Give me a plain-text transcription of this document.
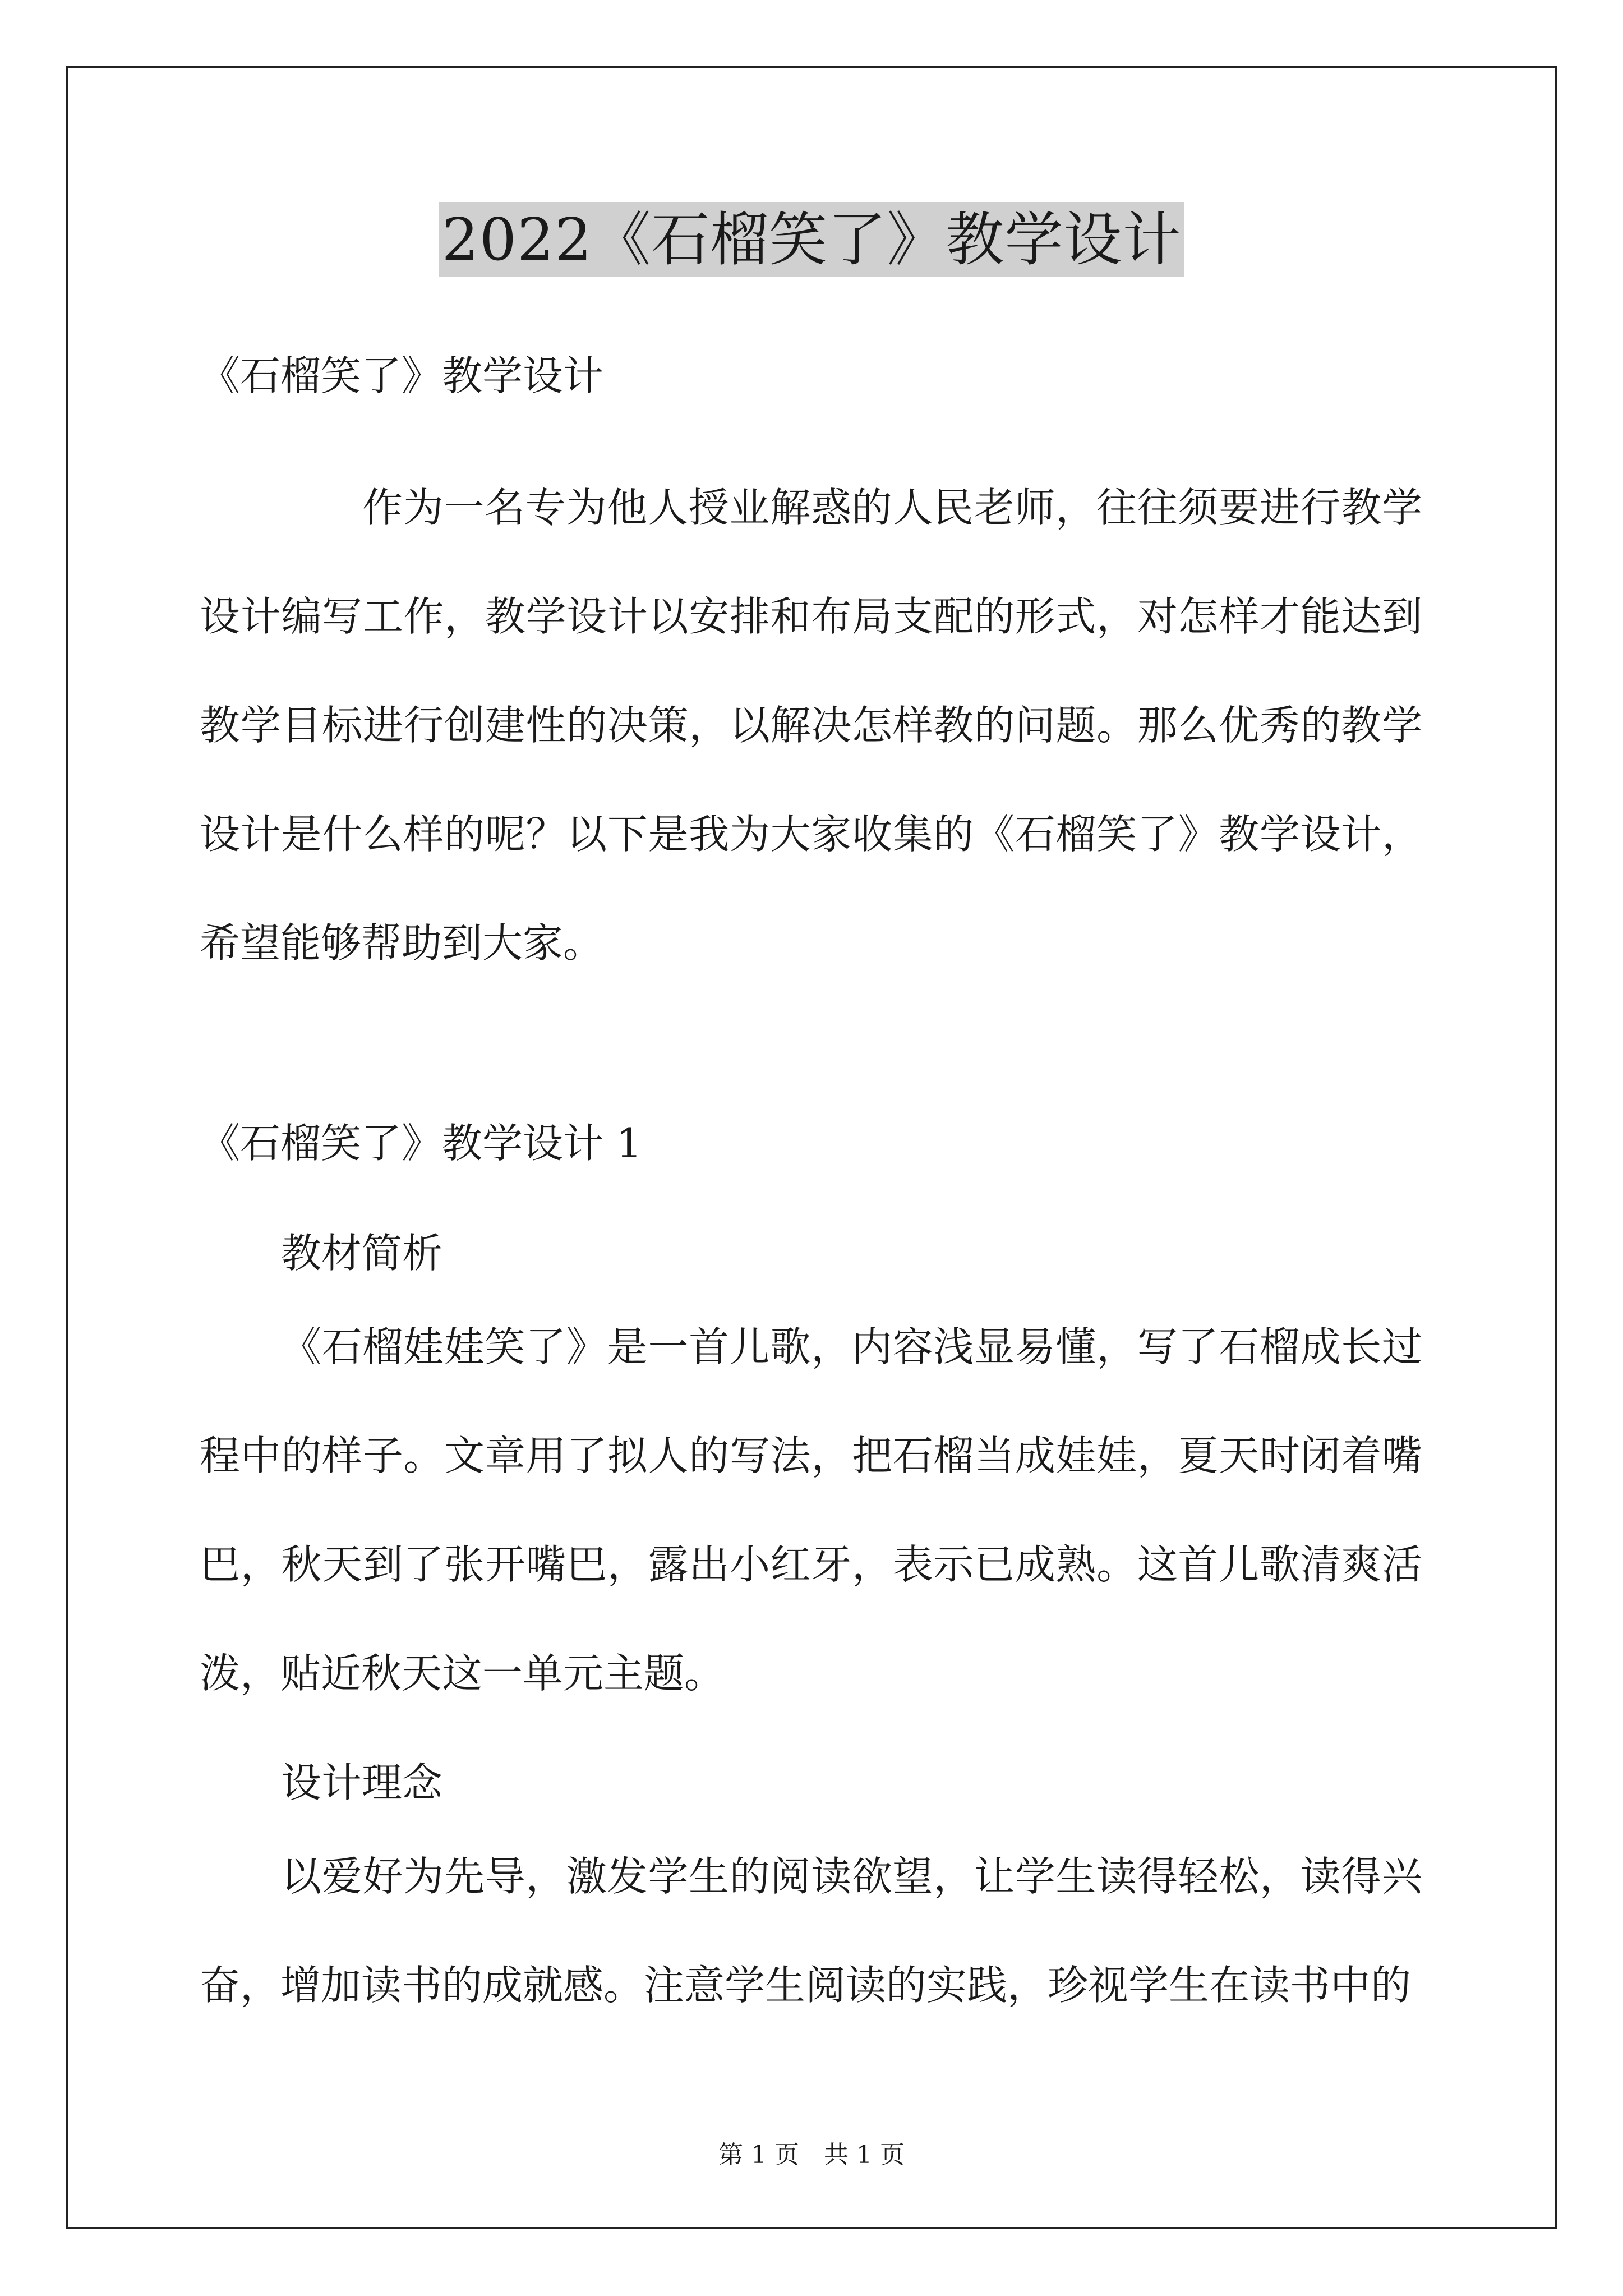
2022《石榴笑了》教学设计

《石榴笑了》教学设计

作为一名专为他人授业解惑的人民老师，往往须要进行教学设计编写工作，教学设计以安排和布局支配的形式，对怎样才能达到教学目标进行创建性的决策，以解决怎样教的问题。那么优秀的教学设计是什么样的呢？以下是我为大家收集的《石榴笑了》教学设计，希望能够帮助到大家。

《石榴笑了》教学设计 1

教材简析

《石榴娃娃笑了》是一首儿歌，内容浅显易懂，写了石榴成长过程中的样子。文章用了拟人的写法，把石榴当成娃娃，夏天时闭着嘴巴，秋天到了张开嘴巴，露出小红牙，表示已成熟。这首儿歌清爽活泼，贴近秋天这一单元主题。

设计理念

以爱好为先导，激发学生的阅读欲望，让学生读得轻松，读得兴奋，增加读书的成就感。注意学生阅读的实践，珍视学生在读书中的

第 1 页　共 1 页
